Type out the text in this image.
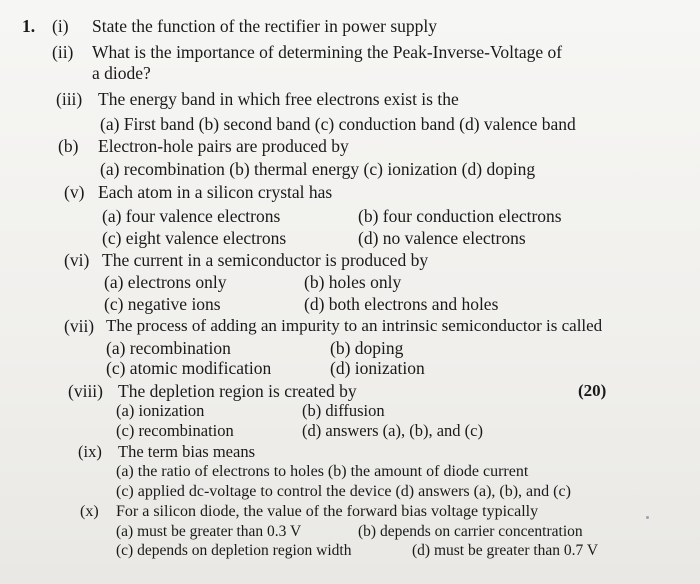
1. (i) State the function of the rectifier in power supply
(ii) What is the importance of determining the Peak-Inverse-Voltage of
a diode?
(iii) The energy band in which free electrons exist is the
(a) First band (b) second band (c) conduction band (d) valence band
(b) Electron-hole pairs are produced by
(a) recombination (b) thermal energy (c) ionization (d) doping
(v) Each atom in a silicon crystal has
(a) four valence electrons	(b) four conduction electrons
(c) eight valence electrons	(d) no valence electrons
(vi) The current in a semiconductor is produced by
(a) electrons only	(b) holes only
(c) negative ions	(d) both electrons and holes
(vii) The process of adding an impurity to an intrinsic semiconductor is called
(a) recombination	(b) doping
(c) atomic modification	(d) ionization
(viii) The depletion region is created by	(20)
(a) ionization	(b) diffusion
(c) recombination	(d) answers (a), (b), and (c)
(ix) The term bias means
(a) the ratio of electrons to holes (b) the amount of diode current
(c) applied dc-voltage to control the device (d) answers (a), (b), and (c)
(x) For a silicon diode, the value of the forward bias voltage typically
(a) must be greater than 0.3 V	(b) depends on carrier concentration
(c) depends on depletion region width	(d) must be greater than 0.7 V
